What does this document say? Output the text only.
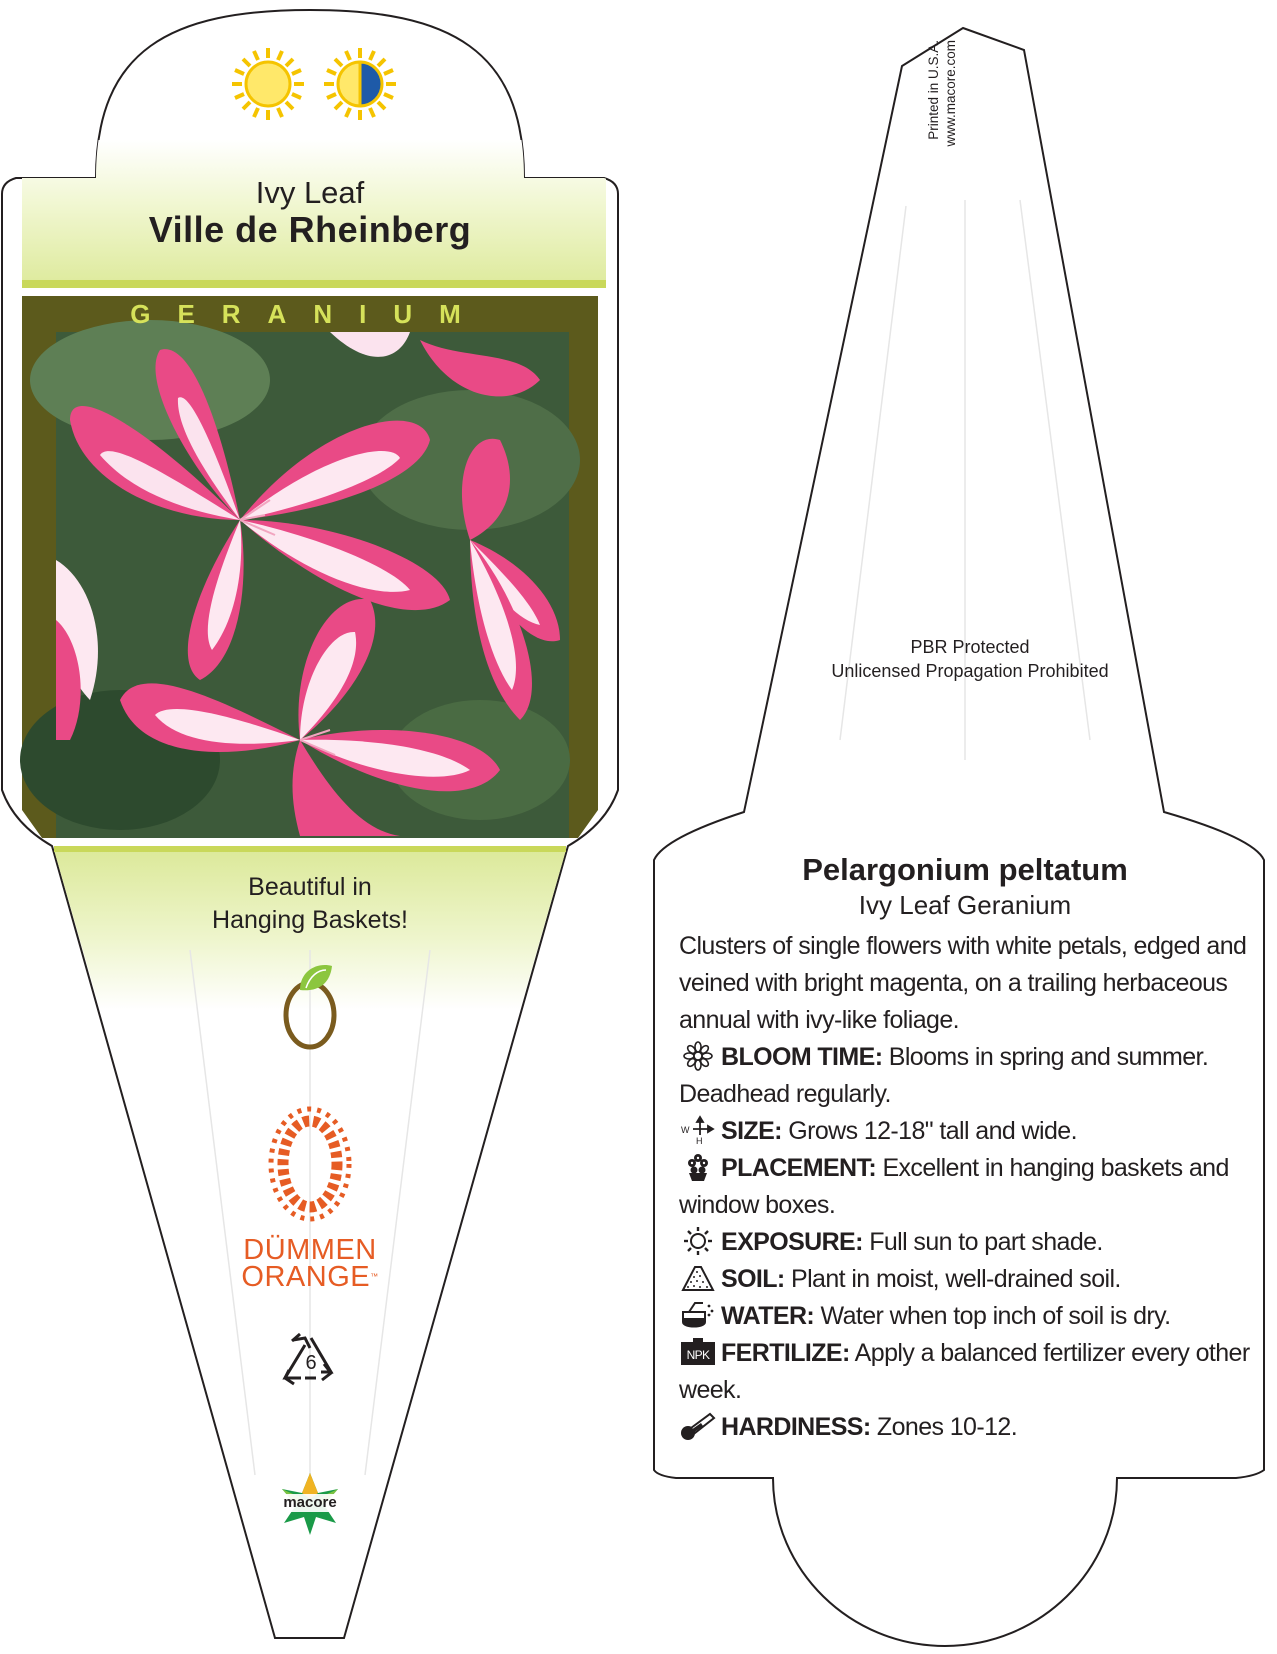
Ivy Leaf
Ville de Rheinberg
GERANIUM
Beautiful in
Hanging Baskets!
DÜMMEN
ORANGE™
6
macore
Printed in U.S.A. www.macore.com
PBR Protected
Unlicensed Propagation Prohibited
Pelargonium peltatum
Ivy Leaf Geranium
Clusters of single flowers with white petals, edged and veined with bright magenta, on a trailing herbaceous annual with ivy-like foliage.
BLOOM TIME: Blooms in spring and summer. Deadhead regularly.
W
H SIZE: Grows 12-18" tall and wide.
PLACEMENT: Excellent in hanging baskets and window boxes.
EXPOSURE: Full sun to part shade.
SOIL: Plant in moist, well-drained soil.
WATER: Water when top inch of soil is dry.
NPK FERTILIZE: Apply a balanced fertilizer every other week.
HARDINESS: Zones 10-12.
